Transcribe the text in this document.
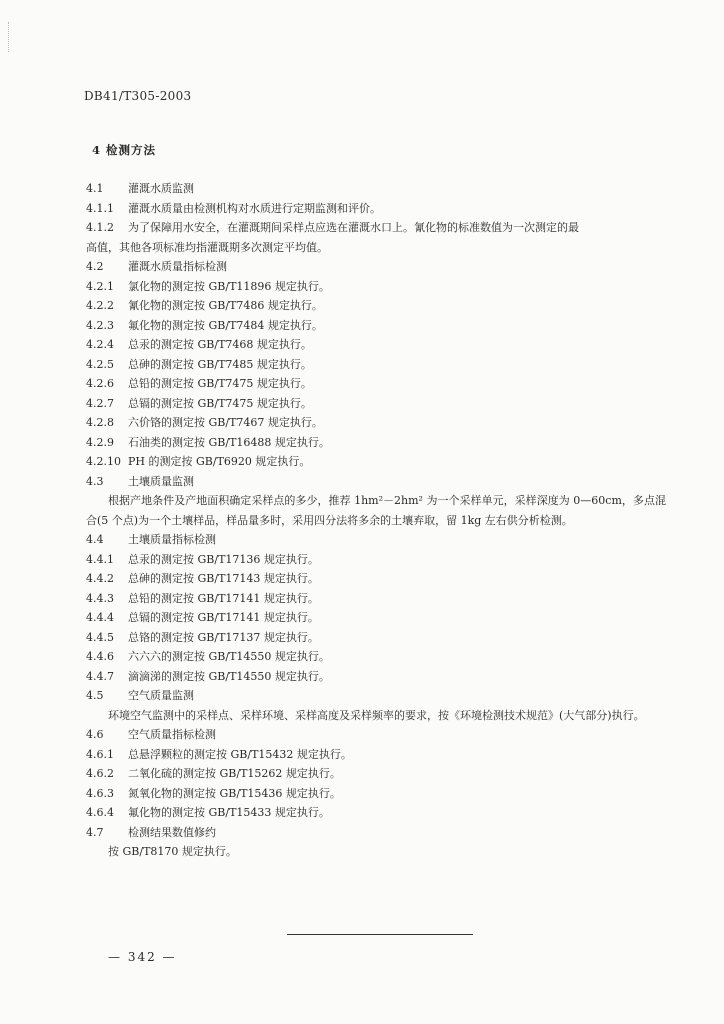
DB41/T305-2003
4 检测方法
4.1 灌溉水质监测
4.1.1 灌溉水质量由检测机构对水质进行定期监测和评价。
4.1.2 为了保障用水安全，在灌溉期间采样点应选在灌溉水口上。氰化物的标准数值为一次测定的最
高值，其他各项标准均指灌溉期多次测定平均值。
4.2 灌溉水质量指标检测
4.2.1 氯化物的测定按 GB/T11896 规定执行。
4.2.2 氰化物的测定按 GB/T7486 规定执行。
4.2.3 氟化物的测定按 GB/T7484 规定执行。
4.2.4 总汞的测定按 GB/T7468 规定执行。
4.2.5 总砷的测定按 GB/T7485 规定执行。
4.2.6 总铅的测定按 GB/T7475 规定执行。
4.2.7 总镉的测定按 GB/T7475 规定执行。
4.2.8 六价铬的测定按 GB/T7467 规定执行。
4.2.9 石油类的测定按 GB/T16488 规定执行。
4.2.10 PH 的测定按 GB/T6920 规定执行。
4.3 土壤质量监测
根据产地条件及产地面积确定采样点的多少，推荐 1hm²－2hm² 为一个采样单元，采样深度为 0—60cm，多点混合(5 个点)为一个土壤样品，样品量多时，采用四分法将多余的土壤弃取，留 1kg 左右供分析检测。
4.4 土壤质量指标检测
4.4.1 总汞的测定按 GB/T17136 规定执行。
4.4.2 总砷的测定按 GB/T17143 规定执行。
4.4.3 总铅的测定按 GB/T17141 规定执行。
4.4.4 总镉的测定按 GB/T17141 规定执行。
4.4.5 总铬的测定按 GB/T17137 规定执行。
4.4.6 六六六的测定按 GB/T14550 规定执行。
4.4.7 滴滴涕的测定按 GB/T14550 规定执行。
4.5 空气质量监测
环境空气监测中的采样点、采样环境、采样高度及采样频率的要求，按《环境检测技术规范》(大气部分)执行。
4.6 空气质量指标检测
4.6.1 总悬浮颗粒的测定按 GB/T15432 规定执行。
4.6.2 二氧化硫的测定按 GB/T15262 规定执行。
4.6.3 氮氧化物的测定按 GB/T15436 规定执行。
4.6.4 氟化物的测定按 GB/T15433 规定执行。
4.7 检测结果数值修约
按 GB/T8170 规定执行。
— 342 —
